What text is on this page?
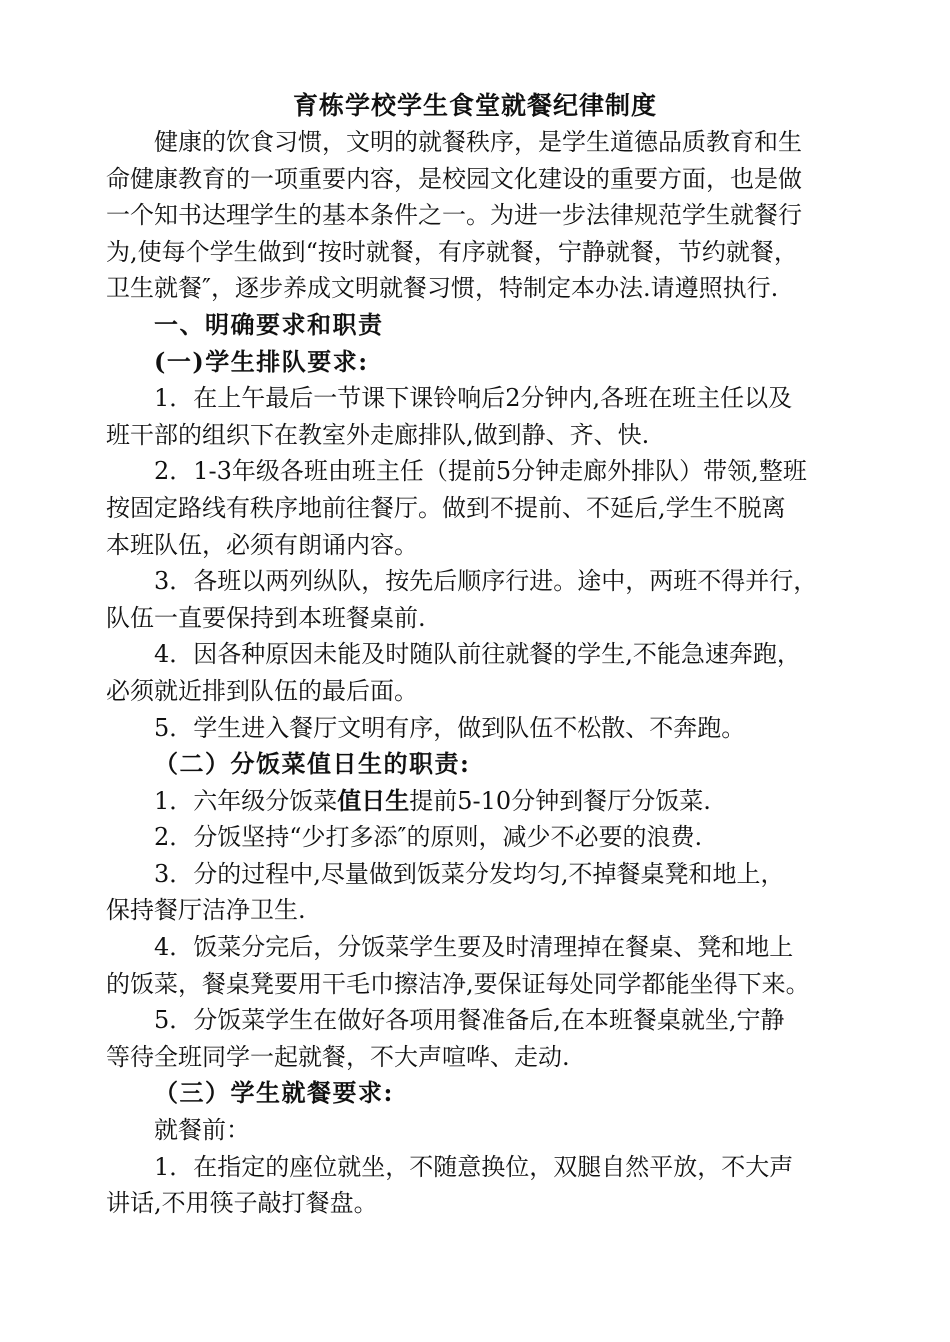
育栋学校学生食堂就餐纪律制度
健康的饮食习惯，文明的就餐秩序，是学生道德品质教育和生
命健康教育的一项重要内容，是校园文化建设的重要方面，也是做
一个知书达理学生的基本条件之一。为进一步法律规范学生就餐行
为,使每个学生做到“按时就餐，有序就餐，宁静就餐，节约就餐，
卫生就餐″，逐步养成文明就餐习惯，特制定本办法.请遵照执行.
一、明确要求和职责
(一)学生排队要求:
1．在上午最后一节课下课铃响后2分钟内,各班在班主任以及
班干部的组织下在教室外走廊排队,做到静、齐、快.
2．1-3年级各班由班主任（提前5分钟走廊外排队）带领,整班
按固定路线有秩序地前往餐厅。做到不提前、不延后,学生不脱离
本班队伍，必须有朗诵内容。
3．各班以两列纵队，按先后顺序行进。途中，两班不得并行，
队伍一直要保持到本班餐桌前.
4．因各种原因未能及时随队前往就餐的学生,不能急速奔跑，
必须就近排到队伍的最后面。
5．学生进入餐厅文明有序，做到队伍不松散、不奔跑。
（二）分饭菜值日生的职责:
1．六年级分饭菜值日生提前5-10分钟到餐厅分饭菜.
2．分饭坚持“少打多添″的原则，减少不必要的浪费.
3．分的过程中,尽量做到饭菜分发均匀,不掉餐桌凳和地上，
保持餐厅洁净卫生.
4．饭菜分完后，分饭菜学生要及时清理掉在餐桌、凳和地上
的饭菜，餐桌凳要用干毛巾擦洁净,要保证每处同学都能坐得下来。
5．分饭菜学生在做好各项用餐准备后,在本班餐桌就坐,宁静
等待全班同学一起就餐，不大声喧哗、走动.
（三）学生就餐要求:
就餐前：
1．在指定的座位就坐，不随意换位，双腿自然平放，不大声
讲话,不用筷子敲打餐盘。
